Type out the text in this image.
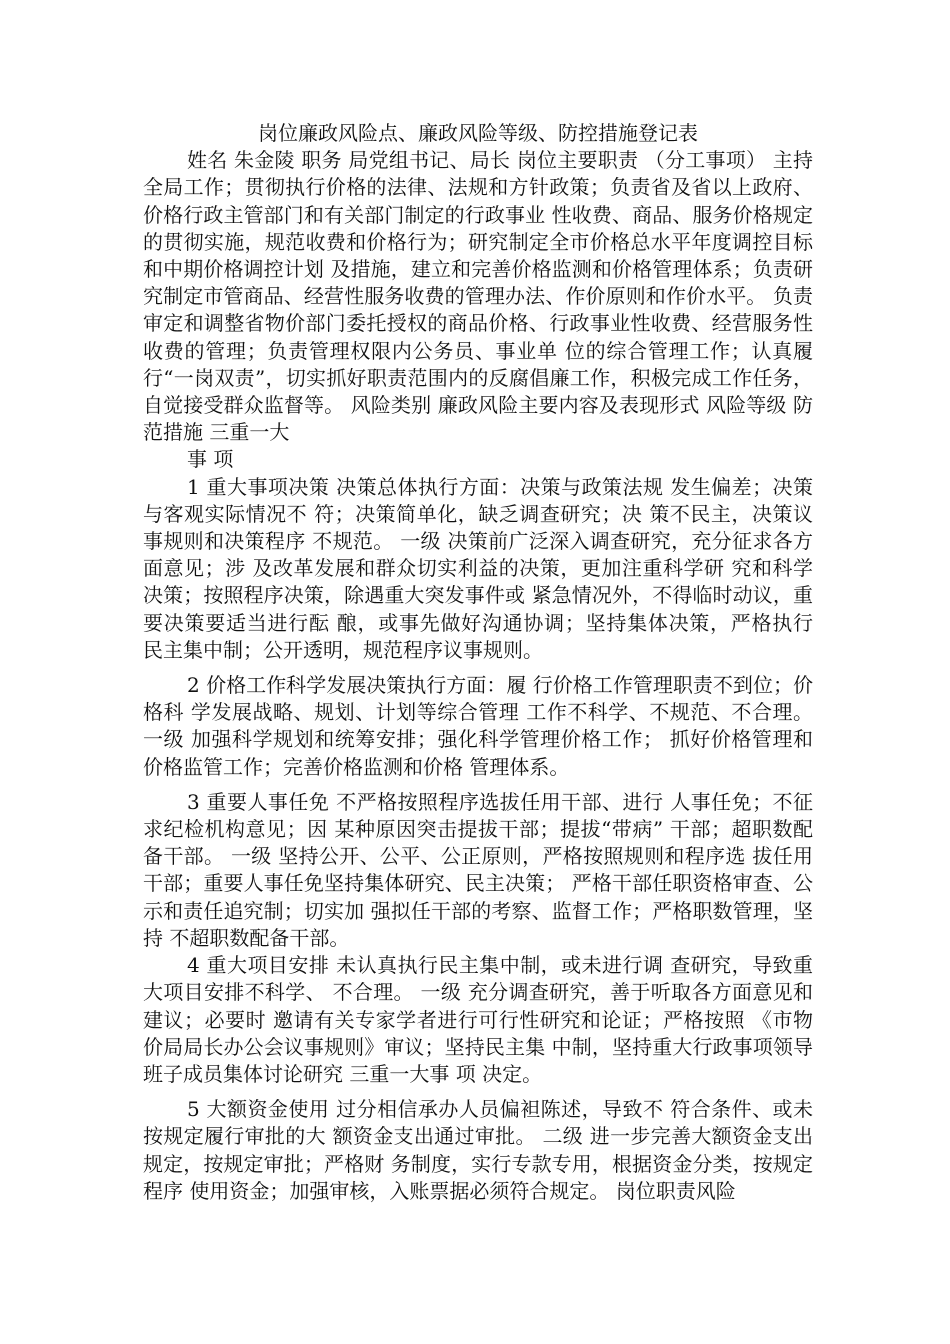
岗位廉政风险点、廉政风险等级、防控措施登记表

姓名 朱金陵 职务 局党组书记、局长 岗位主要职责 （分工事项） 主持全局工作；贯彻执行价格的法律、法规和方针政策；负责省及省以上政府、价格行政主管部门和有关部门制定的行政事业 性收费、商品、服务价格规定的贯彻实施，规范收费和价格行为；研究制定全市价格总水平年度调控目标和中期价格调控计划 及措施，建立和完善价格监测和价格管理体系；负责研究制定市管商品、经营性服务收费的管理办法、作价原则和作价水平。 负责审定和调整省物价部门委托授权的商品价格、行政事业性收费、经营服务性收费的管理；负责管理权限内公务员、事业单 位的综合管理工作；认真履行“一岗双责”，切实抓好职责范围内的反腐倡廉工作，积极完成工作任务，自觉接受群众监督等。 风险类别 廉政风险主要内容及表现形式 风险等级 防范措施 三重一大

事 项

1 重大事项决策 决策总体执行方面：决策与政策法规 发生偏差；决策与客观实际情况不 符；决策简单化，缺乏调查研究；决 策不民主，决策议事规则和决策程序 不规范。 一级 决策前广泛深入调查研究，充分征求各方面意见；涉 及改革发展和群众切实利益的决策，更加注重科学研 究和科学决策；按照程序决策，除遇重大突发事件或 紧急情况外，不得临时动议，重要决策要适当进行酝 酿，或事先做好沟通协调；坚持集体决策，严格执行 民主集中制；公开透明，规范程序议事规则。

2 价格工作科学发展决策执行方面：履 行价格工作管理职责不到位；价格科 学发展战略、规划、计划等综合管理 工作不科学、不规范、不合理。 一级 加强科学规划和统筹安排；强化科学管理价格工作； 抓好价格管理和价格监管工作；完善价格监测和价格 管理体系。

3 重要人事任免 不严格按照程序选拔任用干部、进行 人事任免；不征求纪检机构意见；因 某种原因突击提拔干部；提拔“带病” 干部；超职数配备干部。 一级 坚持公开、公平、公正原则，严格按照规则和程序选 拔任用干部；重要人事任免坚持集体研究、民主决策； 严格干部任职资格审查、公示和责任追究制；切实加 强拟任干部的考察、监督工作；严格职数管理，坚持 不超职数配备干部。

4 重大项目安排 未认真执行民主集中制，或未进行调 查研究，导致重大项目安排不科学、 不合理。 一级 充分调查研究，善于听取各方面意见和建议；必要时 邀请有关专家学者进行可行性研究和论证；严格按照 《市物价局局长办公会议事规则》审议；坚持民主集 中制，坚持重大行政事项领导班子成员集体讨论研究 三重一大事 项 决定。

5 大额资金使用 过分相信承办人员偏袒陈述，导致不 符合条件、或未按规定履行审批的大 额资金支出通过审批。 二级 进一步完善大额资金支出规定，按规定审批；严格财 务制度，实行专款专用，根据资金分类，按规定程序 使用资金；加强审核，入账票据必须符合规定。 岗位职责风险
